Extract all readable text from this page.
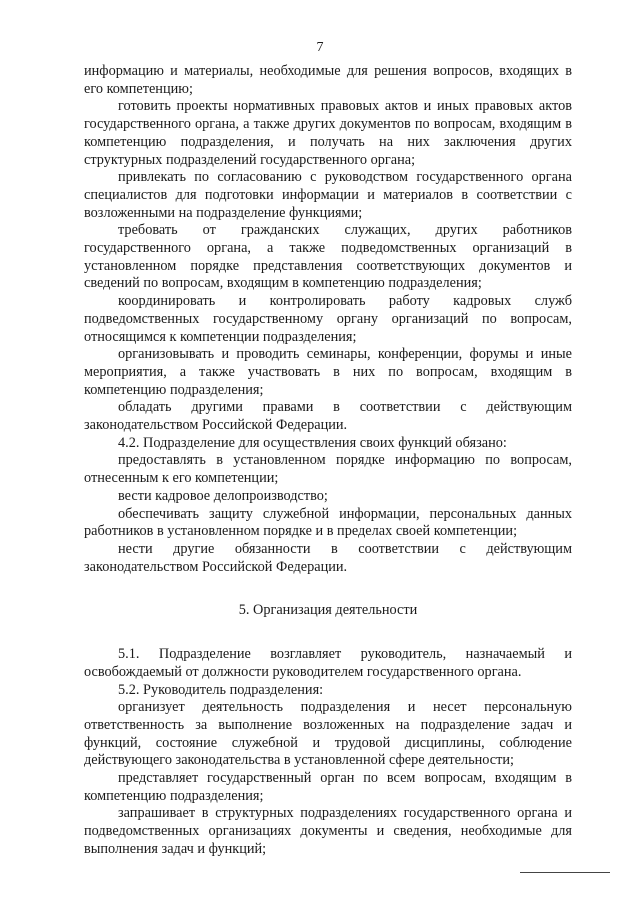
7

информацию и материалы, необходимые для решения вопросов, входящих в его компетенцию;

готовить проекты нормативных правовых актов и иных правовых актов государственного органа, а также других документов по вопросам, входящим в компетенцию подразделения, и получать на них заключения других структурных подразделений государственного органа;

привлекать по согласованию с руководством государственного органа специалистов для подготовки информации и материалов в соответствии с возложенными на подразделение функциями;

требовать от гражданских служащих, других работников государственного органа, а также подведомственных организаций в установленном порядке представления соответствующих документов и сведений по вопросам, входящим в компетенцию подразделения;

координировать и контролировать работу кадровых служб подведомственных государственному органу организаций по вопросам, относящимся к компетенции подразделения;

организовывать и проводить семинары, конференции, форумы и иные мероприятия, а также участвовать в них по вопросам, входящим в компетенцию подразделения;

обладать другими правами в соответствии с действующим законодательством Российской Федерации.

4.2. Подразделение для осуществления своих функций обязано:

предоставлять в установленном порядке информацию по вопросам, отнесенным к его компетенции;

вести кадровое делопроизводство;

обеспечивать защиту служебной информации, персональных данных работников в установленном порядке и в пределах своей компетенции;

нести другие обязанности в соответствии с действующим законодательством Российской Федерации.

5. Организация деятельности

5.1. Подразделение возглавляет руководитель, назначаемый и освобождаемый от должности руководителем государственного органа.

5.2. Руководитель подразделения:

организует деятельность подразделения и несет персональную ответственность за выполнение возложенных на подразделение задач и функций, состояние служебной и трудовой дисциплины, соблюдение действующего законодательства в установленной сфере деятельности;

представляет государственный орган по всем вопросам, входящим в компетенцию подразделения;

запрашивает в структурных подразделениях государственного органа и подведомственных организациях документы и сведения, необходимые для выполнения задач и функций;
